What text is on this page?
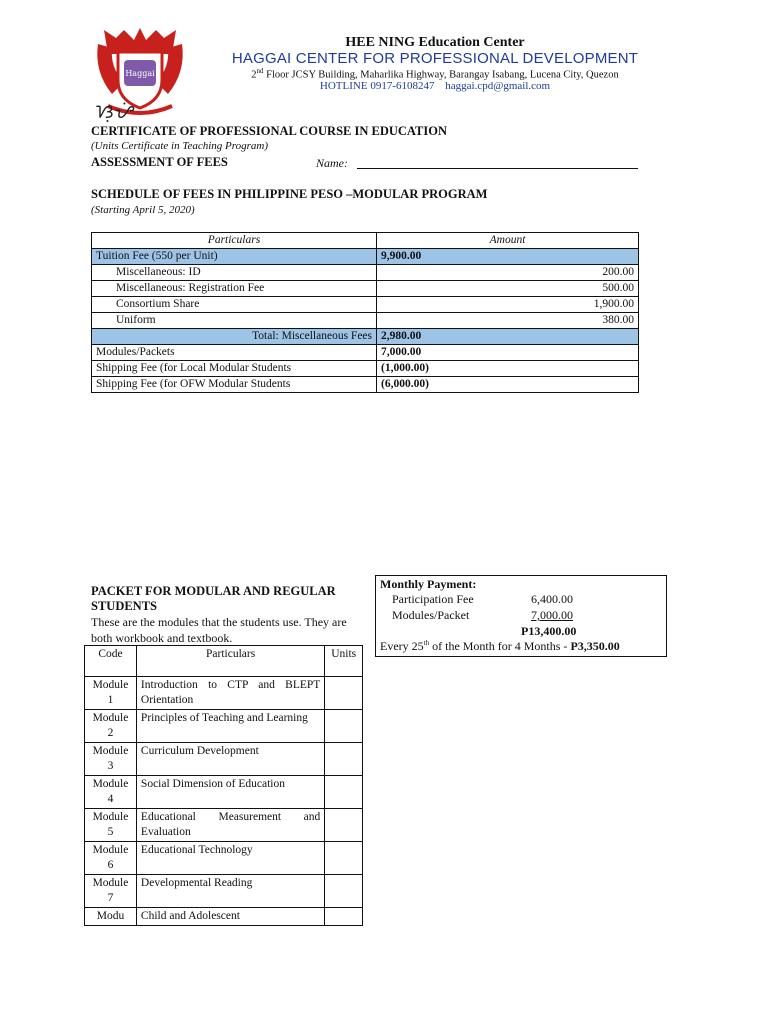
Haggai
ᜐᜓᜌᜒ
HEE NING Education Center
HAGGAI CENTER FOR PROFESSIONAL DEVELOPMENT
2nd Floor JCSY Building, Maharlika Highway, Barangay Isabang, Lucena City, Quezon
HOTLINE 0917-6108247 haggai.cpd@gmail.com
CERTIFICATE OF PROFESSIONAL COURSE IN EDUCATION
(Units Certificate in Teaching Program)
ASSESSMENT OF FEES	Name:
SCHEDULE OF FEES IN PHILIPPINE PESO –MODULAR PROGRAM
(Starting April 5, 2020)
Particulars	Amount
Tuition Fee (550 per Unit)	9,900.00
Miscellaneous: ID	200.00
Miscellaneous: Registration Fee	500.00
Consortium Share	1,900.00
Uniform	380.00
Total: Miscellaneous Fees	2,980.00
Modules/Packets	7,000.00
Shipping Fee (for Local Modular Students	(1,000.00)
Shipping Fee (for OFW Modular Students	(6,000.00)
PACKET FOR MODULAR AND REGULAR STUDENTS
These are the modules that the students use. They are both workbook and textbook.
Code	Particulars	Units
Module 1	Introduction to CTP and BLEPT Orientation	
Module 2	Principles of Teaching and Learning	
Module 3	Curriculum Development	
Module 4	Social Dimension of Education	
Module 5	Educational Measurement and Evaluation	
Module 6	Educational Technology	
Module 7	Developmental Reading	
Modu	Child and Adolescent	
Monthly Payment:
Participation Fee	6,400.00
Modules/Packet	7,000.00
P13,400.00
Every 25th of the Month for 4 Months - P3,350.00
